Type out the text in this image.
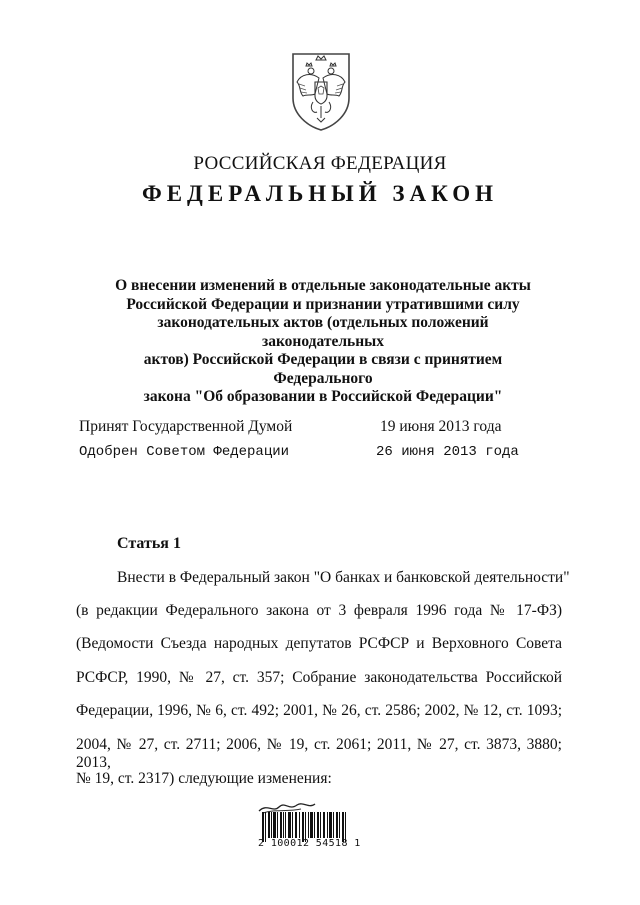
РОССИЙСКАЯ ФЕДЕРАЦИЯ
ФЕДЕРАЛЬНЫЙ ЗАКОН
О внесении изменений в отдельные законодательные акты
Российской Федерации и признании утратившими силу
законодательных актов (отдельных положений законодательных
актов) Российской Федерации в связи с принятием Федерального
закона "Об образовании в Российской Федерации"
Принят Государственной Думой	19 июня 2013 года
Одобрен Советом Федерации	26 июня 2013 года
Статья 1
Внести в Федеральный закон "О банках и банковской деятельности"
(в редакции Федерального закона от 3 февраля 1996 года № 17-ФЗ)
(Ведомости Съезда народных депутатов РСФСР и Верховного Совета
РСФСР, 1990, № 27, ст. 357; Собрание законодательства Российской
Федерации, 1996, № 6, ст. 492; 2001, № 26, ст. 2586; 2002, № 12, ст. 1093;
2004, № 27, ст. 2711; 2006, № 19, ст. 2061; 2011, № 27, ст. 3873, 3880; 2013,
№ 19, ст. 2317) следующие изменения:
2 100012 54518 1
